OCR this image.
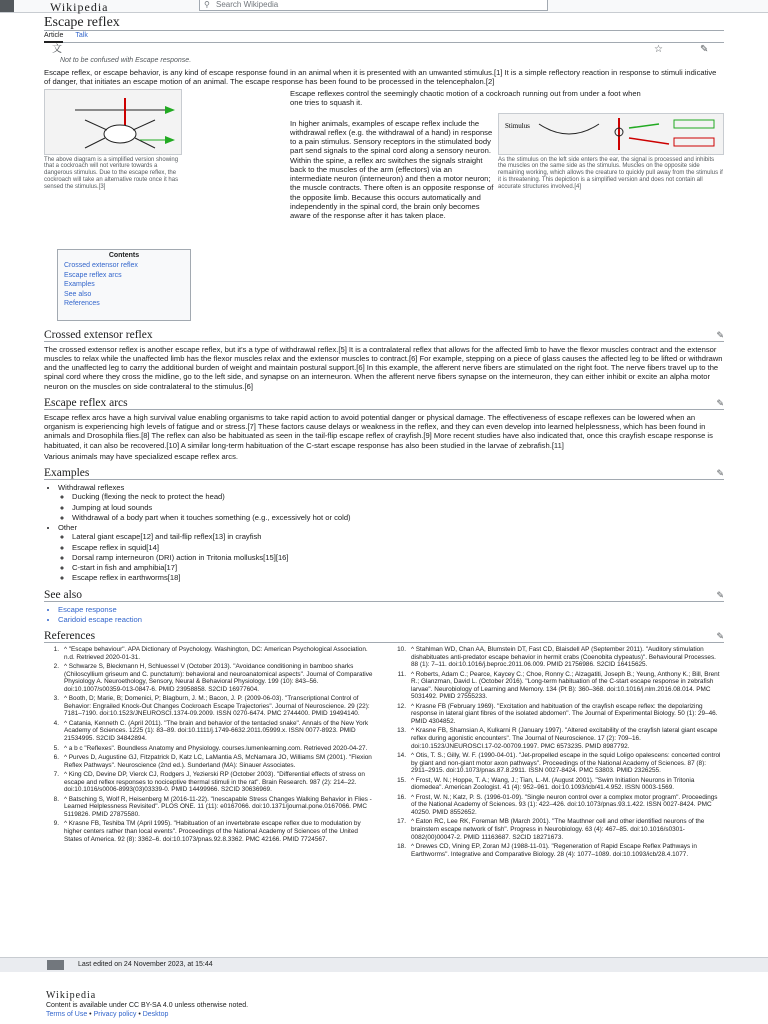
Wikipedia	⚲ Search Wikipedia
Escape reflex
Article Talk
文	☆	✎
Not to be confused with Escape response.

Escape reflex, or escape behavior, is any kind of escape response found in an animal when it is presented with an unwanted stimulus.[1] It is a simple reflectory reaction in response to stimuli indicative of danger, that initiates an escape motion of an animal. The escape response has been found to be processed in the telencephalon.[2]

The above diagram is a simplified version showing that a cockroach will not venture towards a dangerous stimulus. Due to the escape reflex, the cockroach will take an alternative route once it has sensed the stimulus.[3]

Escape reflexes control the seemingly chaotic motion of a cockroach running out from under a foot when one tries to squash it.

In higher animals, examples of escape reflex include the withdrawal reflex (e.g. the withdrawal of a hand) in response to a pain stimulus. Sensory receptors in the stimulated body part send signals to the spinal cord along a sensory neuron. Within the spine, a reflex arc switches the signals straight back to the muscles of the arm (effectors) via an intermediate neuron (interneuron) and then a motor neuron; the muscle contracts. There often is an opposite response of the opposite limb. Because this occurs automatically and independently in the spinal cord, the brain only becomes aware of the response after it has taken place.

Stimulus
As the stimulus on the left side enters the ear, the signal is processed and inhibits the muscles on the same side as the stimulus. Muscles on the opposite side remaining working, which allows the creature to quickly pull away from the stimulus if it is threatening. This depiction is a simplified version and does not contain all accurate structures involved.[4]
Contents
Crossed extensor reflex
Escape reflex arcs
Examples
See also
References
Crossed extensor reflex	✎

The crossed extensor reflex is another escape reflex, but it's a type of withdrawal reflex.[5] It is a contralateral reflex that allows for the affected limb to have the flexor muscles contract and the extensor muscles to relax while the unaffected limb has the flexor muscles relax and the extensor muscles to contract.[6] For example, stepping on a piece of glass causes the affected leg to be lifted or withdrawn and the unaffected leg to carry the additional burden of weight and maintain postural support.[6] In this example, the afferent nerve fibers are stimulated on the right foot. The nerve fibers travel up to the spinal cord where they cross the midline, go to the left side, and synapse on an interneuron. When the afferent nerve fibers synapse on the interneuron, they can either inhibit or excite an alpha motor neuron on the muscles on side contralateral to the stimulus.[6]

Escape reflex arcs	✎

Escape reflex arcs have a high survival value enabling organisms to take rapid action to avoid potential danger or physical damage. The effectiveness of escape reflexes can be lowered when an organism is experiencing high levels of fatigue and or stress.[7] These factors cause delays or weakness in the reflex, and they can even develop into learned helplessness, which has been found in animals and Drosophila flies.[8] The reflex can also be habituated as seen in the tail-flip escape reflex of crayfish.[9] More recent studies have also indicated that, once this crayfish escape response is habituated, it can also be recovered.[10] A similar long-term habituation of the C-start escape response has also been studied in the larvae of zebrafish.[11]

Various animals may have specialized escape reflex arcs.

Examples	✎
• Withdrawal reflexes
◦ Ducking (flexing the neck to protect the head)
◦ Jumping at loud sounds
◦ Withdrawal of a body part when it touches something (e.g., excessively hot or cold)
• Other
◦ Lateral giant escape[12] and tail-flip reflex[13] in crayfish
◦ Escape reflex in squid[14]
◦ Dorsal ramp interneuron (DRI) action in Tritonia mollusks[15][16]
◦ C-start in fish and amphibia[17]
◦ Escape reflex in earthworms[18]
See also	✎
• Escape response
• Caridoid escape reaction
References	✎
1. ^ "Escape behaviour". APA Dictionary of Psychology. Washington, DC: American Psychological Association. n.d. Retrieved 2020-01-31.
2. ^ Schwarze S, Bleckmann H, Schluessel V (October 2013). "Avoidance conditioning in bamboo sharks (Chiloscyllium griseum and C. punctatum): behavioral and neuroanatomical aspects". Journal of Comparative Physiology A. Neuroethology, Sensory, Neural & Behavioral Physiology. 199 (10): 843–56. doi:10.1007/s00359-013-0847-6. PMID 23958858. S2CID 16977604.
3. ^ Booth, D; Marie, B; Domenici, P; Blagburn, J. M.; Bacon, J. P. (2009-06-03). "Transcriptional Control of Behavior: Engrailed Knock-Out Changes Cockroach Escape Trajectories". Journal of Neuroscience. 29 (22): 7181–7190. doi:10.1523/JNEUROSCI.1374-09.2009. ISSN 0270-6474. PMC 2744400. PMID 19494140.
4. ^ Catania, Kenneth C. (April 2011). "The brain and behavior of the tentacled snake". Annals of the New York Academy of Sciences. 1225 (1): 83–89. doi:10.1111/j.1749-6632.2011.05999.x. ISSN 0077-8923. PMID 21534995. S2CID 34842894.
5. ^ a b c "Reflexes". Boundless Anatomy and Physiology. courses.lumenlearning.com. Retrieved 2020-04-27.
6. ^ Purves D, Augustine GJ, Fitzpatrick D, Katz LC, LaMantia AS, McNamara JO, Williams SM (2001). "Flexion Reflex Pathways". Neuroscience (2nd ed.). Sunderland (MA): Sinauer Associates.
7. ^ King CD, Devine DP, Vierck CJ, Rodgers J, Yezierski RP (October 2003). "Differential effects of stress on escape and reflex responses to nociceptive thermal stimuli in the rat". Brain Research. 987 (2): 214–22. doi:10.1016/s0006-8993(03)03339-0. PMID 14499966. S2CID 30636969.
8. ^ Batsching S, Wolf R, Heisenberg M (2016-11-22). "Inescapable Stress Changes Walking Behavior in Flies - Learned Helplessness Revisited". PLOS ONE. 11 (11): e0167066. doi:10.1371/journal.pone.0167066. PMC 5119826. PMID 27875580.
9. ^ Krasne FB, Teshiba TM (April 1995). "Habituation of an invertebrate escape reflex due to modulation by higher centers rather than local events". Proceedings of the National Academy of Sciences of the United States of America. 92 (8): 3362–6. doi:10.1073/pnas.92.8.3362. PMC 42166. PMID 7724567.
10. ^ Stahlman WD, Chan AA, Blumstein DT, Fast CD, Blaisdell AP (September 2011). "Auditory stimulation dishabituates anti-predator escape behavior in hermit crabs (Coenobita clypeatus)". Behavioural Processes. 88 (1): 7–11. doi:10.1016/j.beproc.2011.06.009. PMID 21756986. S2CID 16415625.
11. ^ Roberts, Adam C.; Pearce, Kaycey C.; Choe, Ronny C.; Alzagatiti, Joseph B.; Yeung, Anthony K.; Bill, Brent R.; Glanzman, David L. (October 2016). "Long-term habituation of the C-start escape response in zebrafish larvae". Neurobiology of Learning and Memory. 134 (Pt B): 360–368. doi:10.1016/j.nlm.2016.08.014. PMC 5031492. PMID 27555233.
12. ^ Krasne FB (February 1969). "Excitation and habituation of the crayfish escape reflex: the depolarizing response in lateral giant fibres of the isolated abdomen". The Journal of Experimental Biology. 50 (1): 29–46. PMID 4304852.
13. ^ Krasne FB, Shamsian A, Kulkarni R (January 1997). "Altered excitability of the crayfish lateral giant escape reflex during agonistic encounters". The Journal of Neuroscience. 17 (2): 709–16. doi:10.1523/JNEUROSCI.17-02-00709.1997. PMC 6573235. PMID 8987792.
14. ^ Otis, T. S.; Gilly, W. F. (1990-04-01). "Jet-propelled escape in the squid Loligo opalescens: concerted control by giant and non-giant motor axon pathways". Proceedings of the National Academy of Sciences. 87 (8): 2911–2915. doi:10.1073/pnas.87.8.2911. ISSN 0027-8424. PMC 53803. PMID 2326255.
15. ^ Frost, W. N.; Hoppe, T. A.; Wang, J.; Tian, L.-M. (August 2001). "Swim Initiation Neurons in Tritonia diomedea". American Zoologist. 41 (4): 952–961. doi:10.1093/icb/41.4.952. ISSN 0003-1569.
16. ^ Frost, W. N.; Katz, P. S. (1996-01-09). "Single neuron control over a complex motor program". Proceedings of the National Academy of Sciences. 93 (1): 422–426. doi:10.1073/pnas.93.1.422. ISSN 0027-8424. PMC 40250. PMID 8552652.
17. ^ Eaton RC, Lee RK, Foreman MB (March 2001). "The Mauthner cell and other identified neurons of the brainstem escape network of fish". Progress in Neurobiology. 63 (4): 467–85. doi:10.1016/s0301-0082(00)00047-2. PMID 11163687. S2CID 18271673.
18. ^ Drewes CD, Vining EP, Zoran MJ (1988-11-01). "Regeneration of Rapid Escape Reflex Pathways in Earthworms". Integrative and Comparative Biology. 28 (4): 1077–1089. doi:10.1093/icb/28.4.1077.
Last edited on 24 November 2023, at 15:44
Wikipedia
Content is available under CC BY-SA 4.0 unless otherwise noted.
Terms of Use • Privacy policy • Desktop
